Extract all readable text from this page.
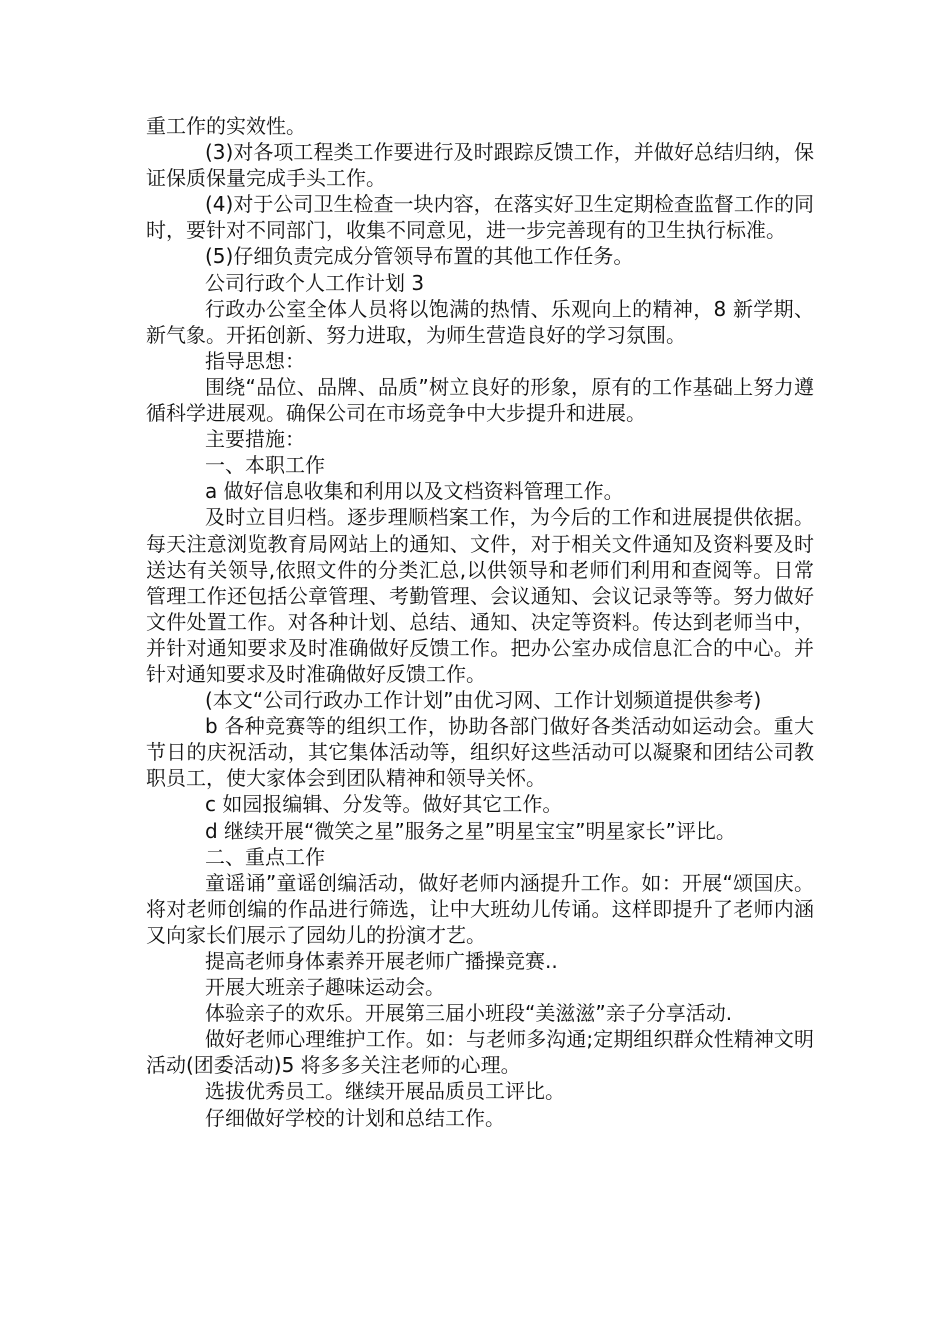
重工作的实效性。

(3)对各项工程类工作要进行及时跟踪反馈工作，并做好总结归纳，保证保质保量完成手头工作。

(4)对于公司卫生检查一块内容，在落实好卫生定期检查监督工作的同时，要针对不同部门，收集不同意见，进一步完善现有的卫生执行标准。

(5)仔细负责完成分管领导布置的其他工作任务。

公司行政个人工作计划 3

行政办公室全体人员将以饱满的热情、乐观向上的精神，8 新学期、新气象。开拓创新、努力进取，为师生营造良好的学习氛围。

指导思想：

围绕“品位、品牌、品质”树立良好的形象，原有的工作基础上努力遵循科学进展观。确保公司在市场竞争中大步提升和进展。

主要措施：

一、本职工作

a 做好信息收集和利用以及文档资料管理工作。

及时立目归档。逐步理顺档案工作，为今后的工作和进展提供依据。每天注意浏览教育局网站上的通知、文件，对于相关文件通知及资料要及时送达有关领导,依照文件的分类汇总,以供领导和老师们利用和查阅等。日常管理工作还包括公章管理、考勤管理、会议通知、会议记录等等。努力做好文件处置工作。对各种计划、总结、通知、决定等资料。传达到老师当中，并针对通知要求及时准确做好反馈工作。把办公室办成信息汇合的中心。并针对通知要求及时准确做好反馈工作。

(本文“公司行政办工作计划”由优习网、工作计划频道提供参考)

b 各种竞赛等的组织工作，协助各部门做好各类活动如运动会。重大节日的庆祝活动，其它集体活动等，组织好这些活动可以凝聚和团结公司教职员工，使大家体会到团队精神和领导关怀。

c 如园报编辑、分发等。做好其它工作。

d 继续开展“微笑之星”服务之星”明星宝宝”明星家长”评比。

二、重点工作

童谣诵”童谣创编活动，做好老师内涵提升工作。如：开展“颂国庆。将对老师创编的作品进行筛选，让中大班幼儿传诵。这样即提升了老师内涵又向家长们展示了园幼儿的扮演才艺。

提高老师身体素养开展老师广播操竞赛..

开展大班亲子趣味运动会。

体验亲子的欢乐。开展第三届小班段“美滋滋”亲子分享活动.

做好老师心理维护工作。如：与老师多沟通;定期组织群众性精神文明活动(团委活动)5 将多多关注老师的心理。

选拔优秀员工。继续开展品质员工评比。

仔细做好学校的计划和总结工作。
